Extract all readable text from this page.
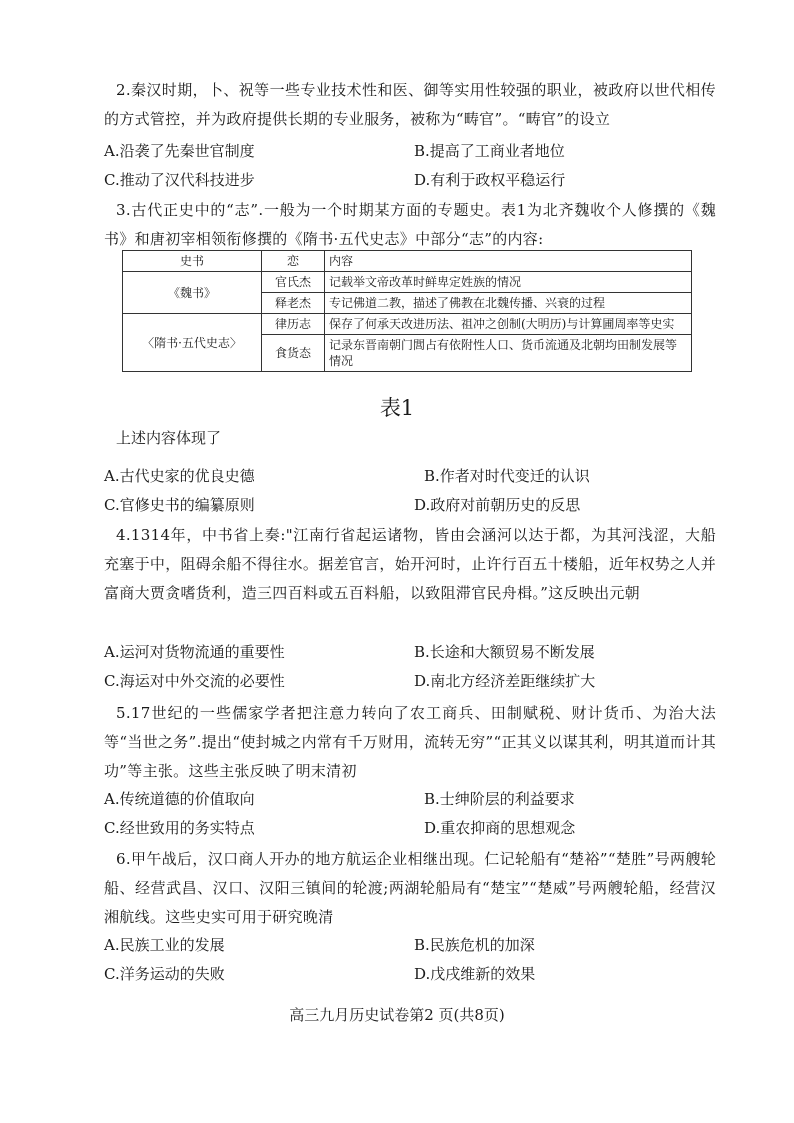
2.秦汉时期，卜、祝等一些专业技术性和医、御等实用性较强的职业，被政府以世代相传的方式管控，并为政府提供长期的专业服务，被称为“畴官”。“畴官”的设立
A.沿袭了先秦世官制度	B.提高了工商业者地位
C.推动了汉代科技进步	D.有利于政权平稳运行
3.古代正史中的“志”.一般为一个时期某方面的专题史。表1为北齐魏收个人修撰的《魏书》和唐初宰相领衔修撰的《隋书·五代史志》中部分“志”的内容:
史书	恋	内容
《魏书》	官氏杰	记载举文帝改革时鲜卑定姓族的情况
	释老杰	专记佛道二教，描述了佛教在北魏传播、兴衰的过程
〈隋书·五代史志〉	律历志	保存了何承天改进历法、祖冲之创制(大明历)与计算圃周率等史实
	食货态	记录东晋南朝门閭占有依附性人口、货币流通及北朝均田制发展等情况
表1
上述内容体现了
A.古代史家的优良史德	B.作者对时代变迁的认识
C.官修史书的编纂原则	D.政府对前朝历史的反思
4.1314年，中书省上奏:"江南行省起运诸物，皆由会涵河以达于都，为其河浅涩，大船充塞于中，阻碍余船不得往水。据差官言，始开河时，止许行百五十楼船，近年权势之人并富商大贾贪嗜货利，造三四百料或五百料船，以致阻滞官民舟楫。”这反映出元朝
A.运河对货物流通的重要性	B.长途和大额贸易不断发展
C.海运对中外交流的必要性	D.南北方经济差距继续扩大
5.17世纪的一些儒家学者把注意力转向了农工商兵、田制赋税、财计货币、为治大法等“当世之务”.提出“使封城之内常有千万财用，流转无穷”“正其义以谋其利，明其道而计其功”等主张。这些主张反映了明末清初
A.传统道德的价值取向	B.士绅阶层的利益要求
C.经世致用的务实特点	D.重农抑商的思想观念
6.甲午战后，汉口商人开办的地方航运企业相继出现。仁记轮船有“楚裕”“楚胜”号两艘轮船、经营武昌、汉口、汉阳三镇间的轮渡;两湖轮船局有“楚宝”“楚威”号两艘轮船，经营汉湘航线。这些史实可用于研究晚清
A.民族工业的发展	B.民族危机的加深
C.洋务运动的失败	D.戊戌维新的效果
高三九月历史试卷第2 页(共8页)
